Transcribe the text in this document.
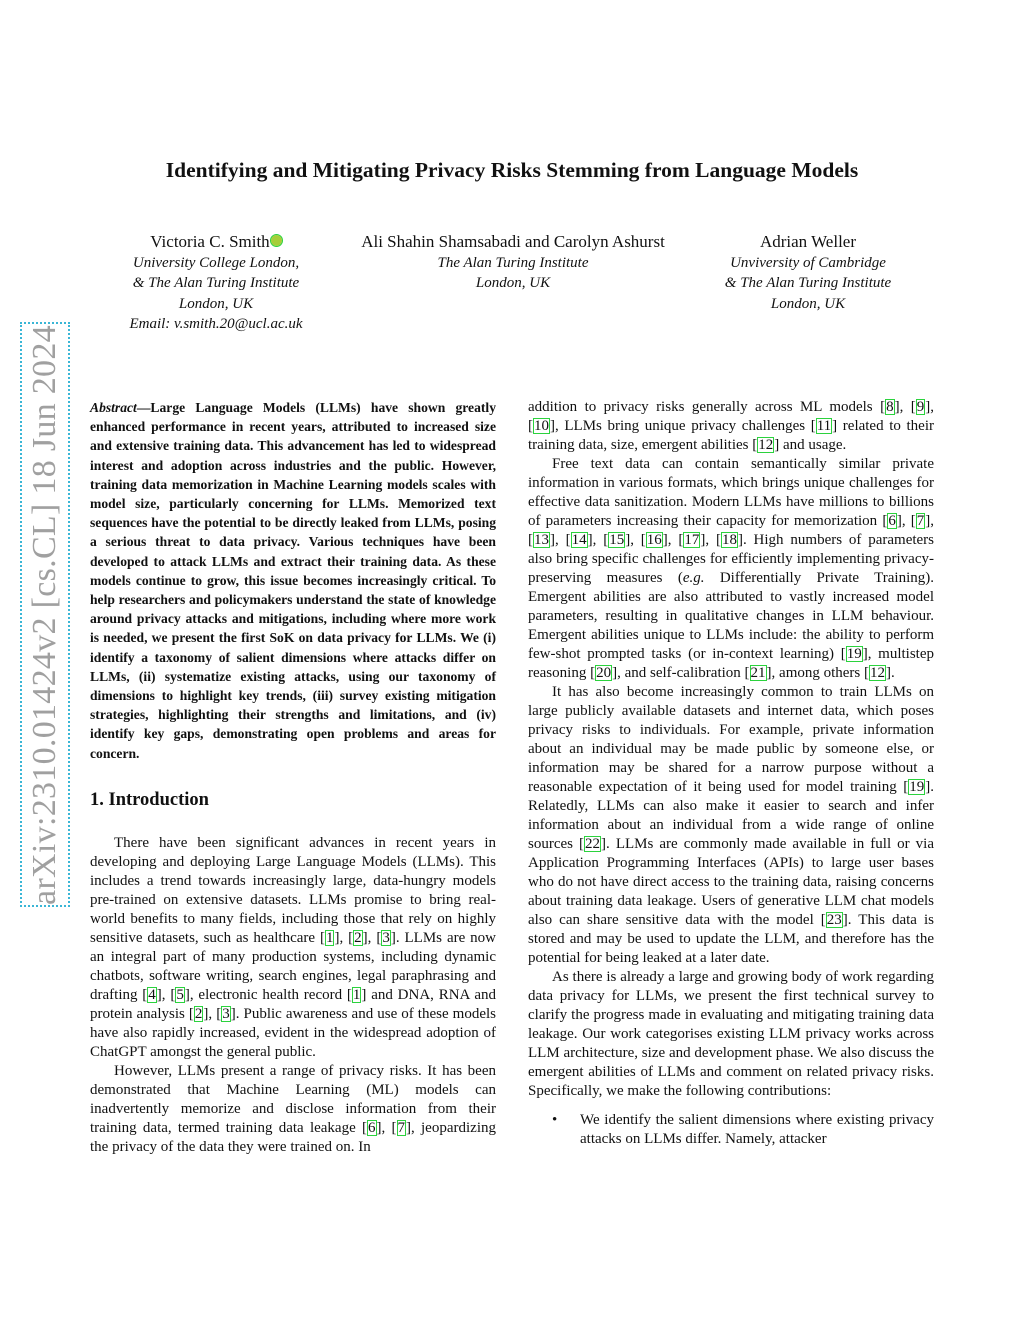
arXiv:2310.01424v2 [cs.CL] 18 Jun 2024
Identifying and Mitigating Privacy Risks Stemming from Language Models
Victoria C. Smith
University College London,
& The Alan Turing Institute
London, UK
Email: v.smith.20@ucl.ac.uk
Ali Shahin Shamsabadi and Carolyn Ashurst
The Alan Turing Institute
London, UK
Adrian Weller
Unviversity of Cambridge
& The Alan Turing Institute
London, UK

Abstract—Large Language Models (LLMs) have shown greatly enhanced performance in recent years, attributed to increased size and extensive training data. This advancement has led to widespread interest and adoption across industries and the public. However, training data memorization in Machine Learning models scales with model size, particularly concerning for LLMs. Memorized text sequences have the potential to be directly leaked from LLMs, posing a serious threat to data privacy. Various techniques have been developed to attack LLMs and extract their training data. As these models continue to grow, this issue becomes increasingly critical. To help researchers and policymakers understand the state of knowledge around privacy attacks and mitigations, including where more work is needed, we present the first SoK on data privacy for LLMs. We (i) identify a taxonomy of salient dimensions where attacks differ on LLMs, (ii) systematize existing attacks, using our taxonomy of dimensions to highlight key trends, (iii) survey existing mitigation strategies, highlighting their strengths and limitations, and (iv) identify key gaps, demonstrating open problems and areas for concern.

1. Introduction

There have been significant advances in recent years in developing and deploying Large Language Models (LLMs). This includes a trend towards increasingly large, data-hungry models pre-trained on extensive datasets. LLMs promise to bring real-world benefits to many fields, including those that rely on highly sensitive datasets, such as healthcare [1], [2], [3]. LLMs are now an integral part of many production systems, including dynamic chatbots, software writing, search engines, legal paraphrasing and drafting [4], [5], electronic health record [1] and DNA, RNA and protein analysis [2], [3]. Public awareness and use of these models have also rapidly increased, evident in the widespread adoption of ChatGPT amongst the general public.

However, LLMs present a range of privacy risks. It has been demonstrated that Machine Learning (ML) models can inadvertently memorize and disclose information from their training data, termed training data leakage [6], [7], jeopardizing the privacy of the data they were trained on. In

addition to privacy risks generally across ML models [8], [9], [10], LLMs bring unique privacy challenges [11] related to their training data, size, emergent abilities [12] and usage.

Free text data can contain semantically similar private information in various formats, which brings unique challenges for effective data sanitization. Modern LLMs have millions to billions of parameters increasing their capacity for memorization [6], [7], [13], [14], [15], [16], [17], [18]. High numbers of parameters also bring specific challenges for efficiently implementing privacy-preserving measures (e.g. Differentially Private Training). Emergent abilities are also attributed to vastly increased model parameters, resulting in qualitative changes in LLM behaviour. Emergent abilities unique to LLMs include: the ability to perform few-shot prompted tasks (or in-context learning) [19], multistep reasoning [20], and self-calibration [21], among others [12].

It has also become increasingly common to train LLMs on large publicly available datasets and internet data, which poses privacy risks to individuals. For example, private information about an individual may be made public by someone else, or information may be shared for a narrow purpose without a reasonable expectation of it being used for model training [19]. Relatedly, LLMs can also make it easier to search and infer information about an individual from a wide range of online sources [22]. LLMs are commonly made available in full or via Application Programming Interfaces (APIs) to large user bases who do not have direct access to the training data, raising concerns about training data leakage. Users of generative LLM chat models also can share sensitive data with the model [23]. This data is stored and may be used to update the LLM, and therefore has the potential for being leaked at a later date.

As there is already a large and growing body of work regarding data privacy for LLMs, we present the first technical survey to clarify the progress made in evaluating and mitigating training data leakage. Our work categorises existing LLM privacy works across LLM architecture, size and development phase. We also discuss the emergent abilities of LLMs and comment on related privacy risks. Specifically, we make the following contributions:

• We identify the salient dimensions where existing privacy attacks on LLMs differ. Namely, attacker
